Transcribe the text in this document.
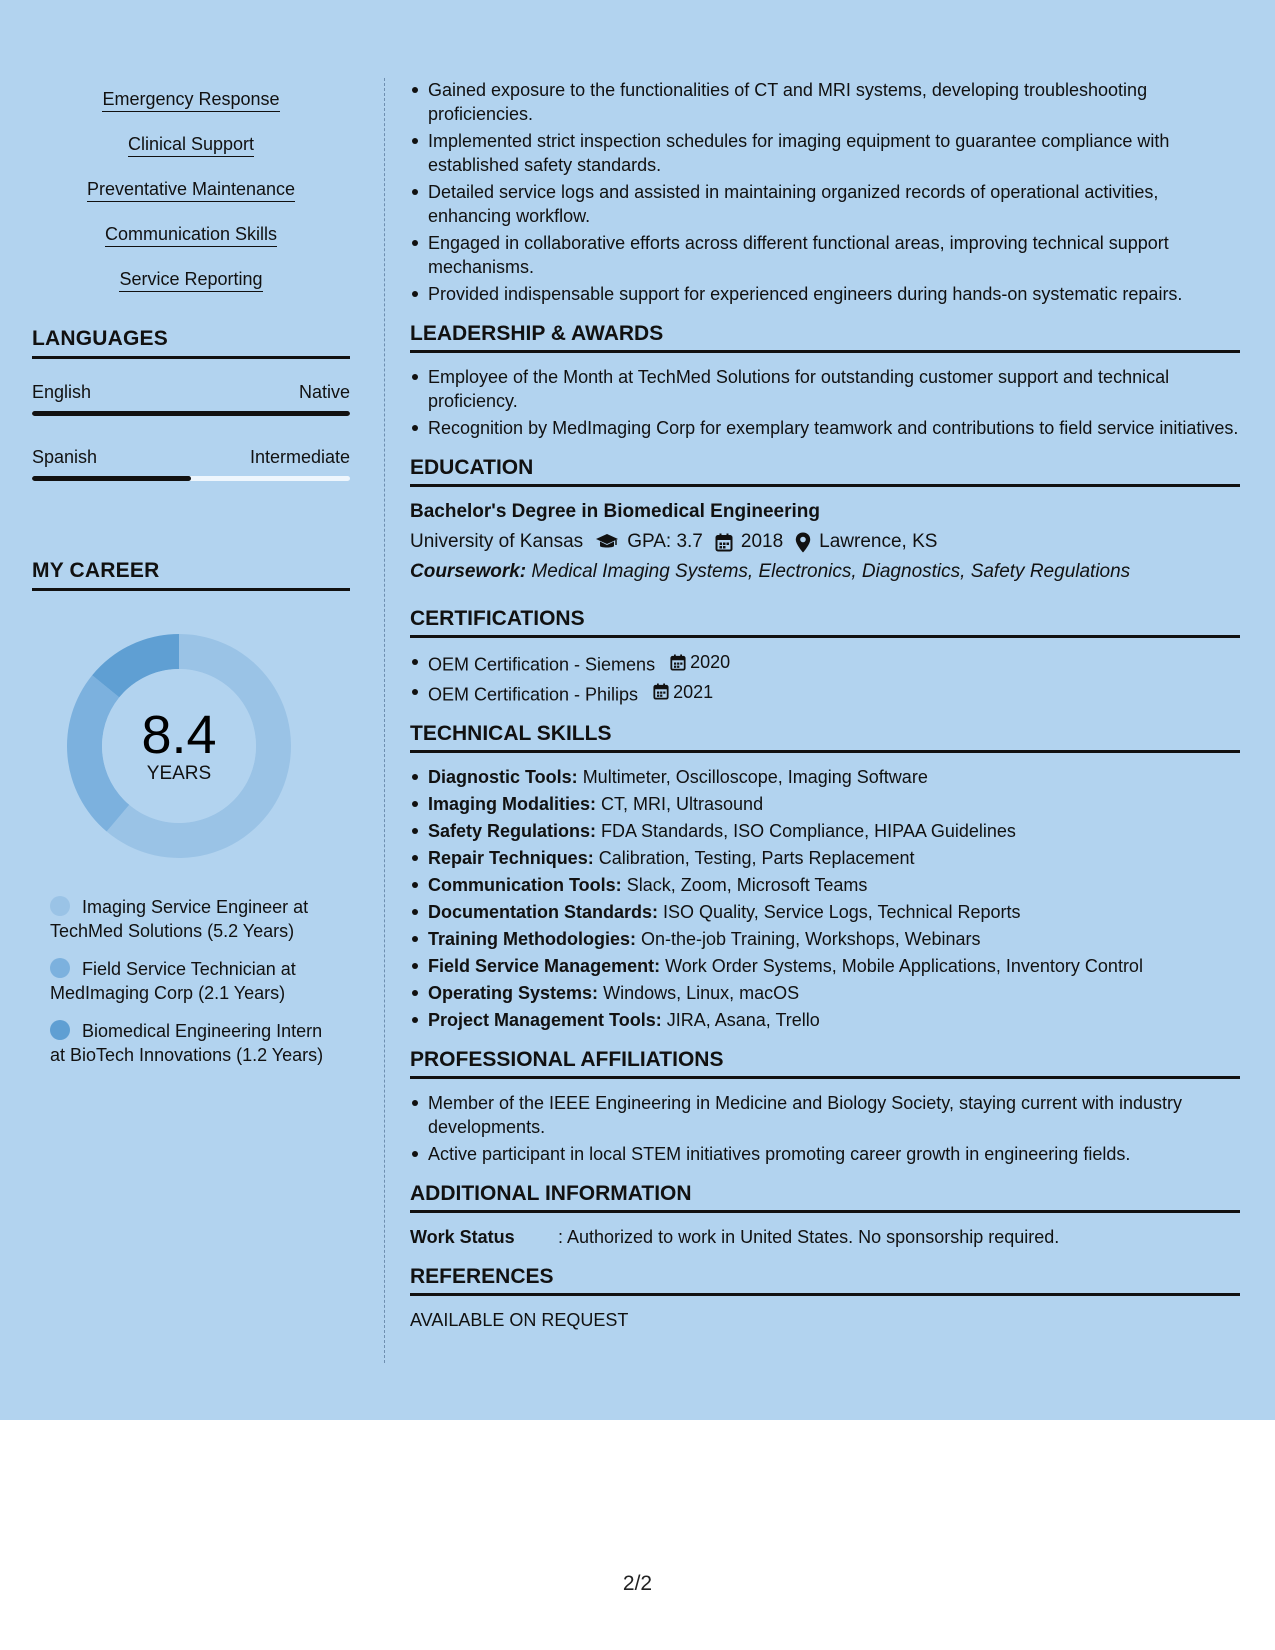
Emergency Response
Clinical Support
Preventative Maintenance
Communication Skills
Service Reporting
LANGUAGES
English	Native
Spanish	Intermediate
MY CAREER
8.4
YEARS
Imaging Service Engineer at TechMed Solutions (5.2 Years)
Field Service Technician at MedImaging Corp (2.1 Years)
Biomedical Engineering Intern at BioTech Innovations (1.2 Years)
Gained exposure to the functionalities of CT and MRI systems, developing troubleshooting proficiencies.
Implemented strict inspection schedules for imaging equipment to guarantee compliance with established safety standards.
Detailed service logs and assisted in maintaining organized records of operational activities, enhancing workflow.
Engaged in collaborative efforts across different functional areas, improving technical support mechanisms.
Provided indispensable support for experienced engineers during hands-on systematic repairs.
LEADERSHIP & AWARDS
Employee of the Month at TechMed Solutions for outstanding customer support and technical proficiency.
Recognition by MedImaging Corp for exemplary teamwork and contributions to field service initiatives.
EDUCATION
Bachelor's Degree in Biomedical Engineering
University of Kansas GPA: 3.7 2018 Lawrence, KS
Coursework: Medical Imaging Systems, Electronics, Diagnostics, Safety Regulations
CERTIFICATIONS
OEM Certification - Siemens 2020
OEM Certification - Philips 2021
TECHNICAL SKILLS
Diagnostic Tools: Multimeter, Oscilloscope, Imaging Software
Imaging Modalities: CT, MRI, Ultrasound
Safety Regulations: FDA Standards, ISO Compliance, HIPAA Guidelines
Repair Techniques: Calibration, Testing, Parts Replacement
Communication Tools: Slack, Zoom, Microsoft Teams
Documentation Standards: ISO Quality, Service Logs, Technical Reports
Training Methodologies: On-the-job Training, Workshops, Webinars
Field Service Management: Work Order Systems, Mobile Applications, Inventory Control
Operating Systems: Windows, Linux, macOS
Project Management Tools: JIRA, Asana, Trello
PROFESSIONAL AFFILIATIONS
Member of the IEEE Engineering in Medicine and Biology Society, staying current with industry developments.
Active participant in local STEM initiatives promoting career growth in engineering fields.
ADDITIONAL INFORMATION
Work Status	: Authorized to work in United States. No sponsorship required.
REFERENCES
AVAILABLE ON REQUEST
2/2
